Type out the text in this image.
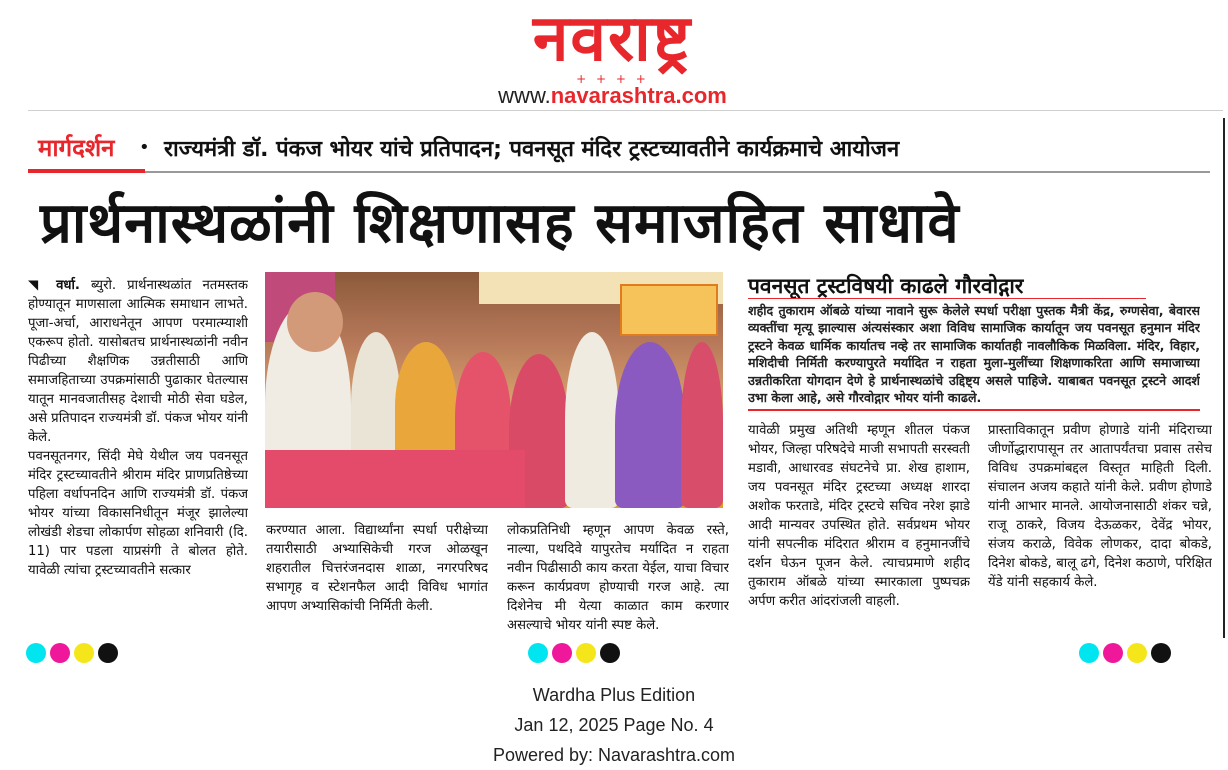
नवराष्ट्र
+ + + +
www.navarashtra.com
मार्गदर्शन • राज्यमंत्री डॉ. पंकज भोयर यांचे प्रतिपादन; पवनसूत मंदिर ट्रस्टच्यावतीने कार्यक्रमाचे आयोजन
प्रार्थनास्थळांनी शिक्षणासह समाजहित साधावे

◥ वर्धा. ब्युरो. प्रार्थनास्थळांत नतमस्तक होण्यातून माणसाला आत्मिक समाधान लाभते. पूजा-अर्चा, आराधनेतून आपण परमात्म्याशी एकरूप होतो. यासोबतच प्रार्थनास्थळांनी नवीन पिढीच्या शैक्षणिक उन्नतीसाठी आणि समाजहिताच्या उपक्रमांसाठी पुढाकार घेतल्यास यातून मानवजातीसह देशाची मोठी सेवा घडेल, असे प्रतिपादन राज्यमंत्री डॉ. पंकज भोयर यांनी केले.

पवनसूतनगर, सिंदी मेघे येथील जय पवनसूत मंदिर ट्रस्टच्यावतीने श्रीराम मंदिर प्राणप्रतिष्ठेच्या पहिला वर्धापनदिन आणि राज्यमंत्री डॉ. पंकज भोयर यांच्या विकासनिधीतून मंजूर झालेल्या लोखंडी शेडचा लोकार्पण सोहळा शनिवारी (दि. 11) पार पडला याप्रसंगी ते बोलत होते. यावेळी त्यांचा ट्रस्टच्यावतीने सत्कार

करण्यात आला. विद्यार्थ्यांना स्पर्धा परीक्षेच्या तयारीसाठी अभ्यासिकेची गरज ओळखून शहरातील चित्तरंजनदास शाळा, नगरपरिषद सभागृह व स्टेशनफैल आदी विविध भागांत आपण अभ्यासिकांची निर्मिती केली.
लोकप्रतिनिधी म्हणून आपण केवळ रस्ते, नाल्या, पथदिवे यापुरतेच मर्यादित न राहता नवीन पिढीसाठी काय करता येईल, याचा विचार करून कार्यप्रवण होण्याची गरज आहे. त्या दिशेनेच मी येत्या काळात काम करणार असल्याचे भोयर यांनी स्पष्ट केले.
पवनसूत ट्रस्टविषयी काढले गौरवोद्गार
शहीद तुकाराम ऑबळे यांच्या नावाने सुरू केलेले स्पर्धा परीक्षा पुस्तक मैत्री केंद्र, रुग्णसेवा, बेवारस व्यक्तींचा मृत्यू झाल्यास अंत्यसंस्कार अशा विविध सामाजिक कार्यातून जय पवनसूत हनुमान मंदिर ट्रस्टने केवळ धार्मिक कार्यातच नव्हे तर सामाजिक कार्यातही नावलौकिक मिळविला. मंदिर, विहार, मशिदीची निर्मिती करण्यापुरते मर्यादित न राहता मुला-मुलींच्या शिक्षणाकरिता आणि समाजाच्या उन्नतीकरिता योगदान देणे हे प्रार्थनास्थळांचे उद्दिष्ट्य असले पाहिजे. याबाबत पवनसूत ट्रस्टने आदर्श उभा केला आहे, असे गौरवोद्गार भोयर यांनी काढले.
यावेळी प्रमुख अतिथी म्हणून शीतल पंकज भोयर, जिल्हा परिषदेचे माजी सभापती सरस्वती मडावी, आधारवड संघटनेचे प्रा. शेख हाशाम, जय पवनसूत मंदिर ट्रस्टच्या अध्यक्ष शारदा अशोक फरताडे, मंदिर ट्रस्टचे सचिव नरेश झाडे आदी मान्यवर उपस्थित होते. सर्वप्रथम भोयर यांनी सपत्नीक मंदिरात श्रीराम व हनुमानजींचे दर्शन घेऊन पूजन केले. त्याचप्रमाणे शहीद तुकाराम ऑबळे यांच्या स्मारकाला पुष्पचक्र अर्पण करीत आंदरांजली वाहली.
प्रास्ताविकातून प्रवीण होणाडे यांनी मंदिराच्या जीर्णोद्धारापासून तर आतापर्यंतचा प्रवास तसेच विविध उपक्रमांबद्दल विस्तृत माहिती दिली. संचालन अजय कहाते यांनी केले. प्रवीण होणाडे यांनी आभार मानले. आयोजनासाठी शंकर चन्ने, राजू ठाकरे, विजय देऊळकर, देवेंद्र भोयर, संजय कराळे, विवेक लोणकर, दादा बोकडे, दिनेश बोकडे, बालू ढगे, दिनेश कठाणे, परिक्षित येंडे यांनी सहकार्य केले.
Wardha Plus Edition
Jan 12, 2025 Page No. 4
Powered by: Navarashtra.com
